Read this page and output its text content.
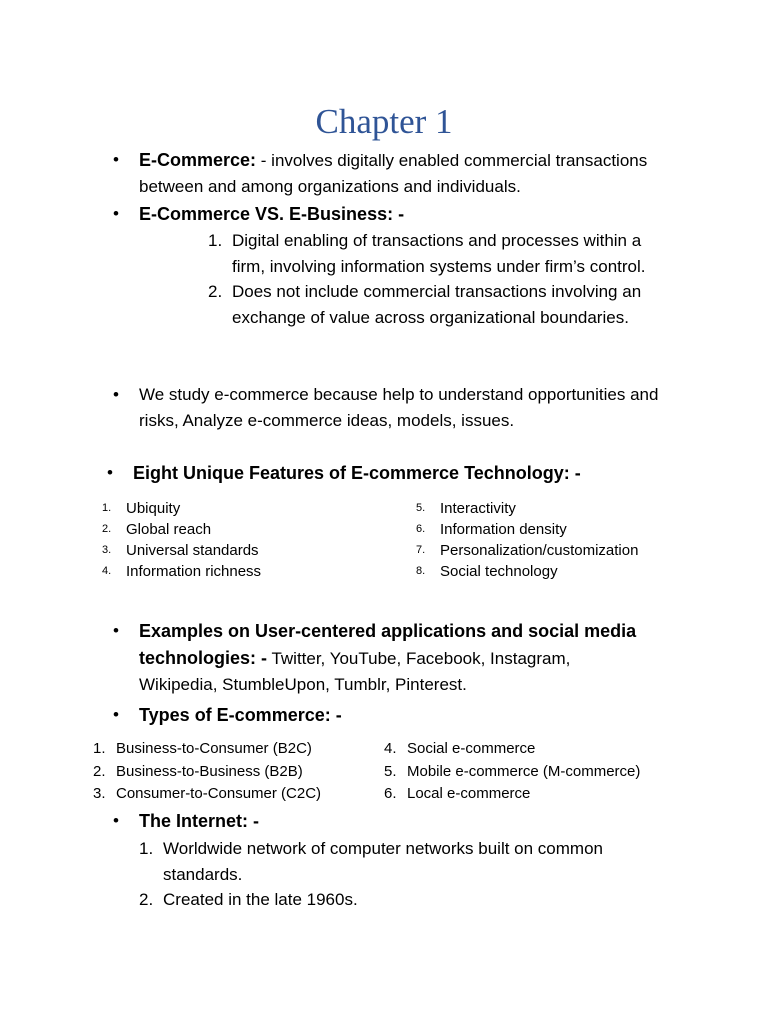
Chapter 1
•	E-Commerce: - involves digitally enabled commercial transactions between and among organizations and individuals.
•	E-Commerce VS. E-Business: -
1. Digital enabling of transactions and processes within a firm, involving information systems under firm’s control.
2. Does not include commercial transactions involving an exchange of value across organizational boundaries.
•	We study e-commerce because help to understand opportunities and risks, Analyze e-commerce ideas, models, issues.
•	Eight Unique Features of E-commerce Technology: -
1. Ubiquity
2. Global reach
3. Universal standards
4. Information richness
5. Interactivity
6. Information density
7. Personalization/customization
8. Social technology
•	Examples on User-centered applications and social media technologies: - Twitter, YouTube, Facebook, Instagram, Wikipedia, StumbleUpon, Tumblr, Pinterest.
•	Types of E-commerce: -
1. Business-to-Consumer (B2C)
2. Business-to-Business (B2B)
3. Consumer-to-Consumer (C2C)
4. Social e-commerce
5. Mobile e-commerce (M-commerce)
6. Local e-commerce
•	The Internet: -
1. Worldwide network of computer networks built on common standards.
2. Created in the late 1960s.
